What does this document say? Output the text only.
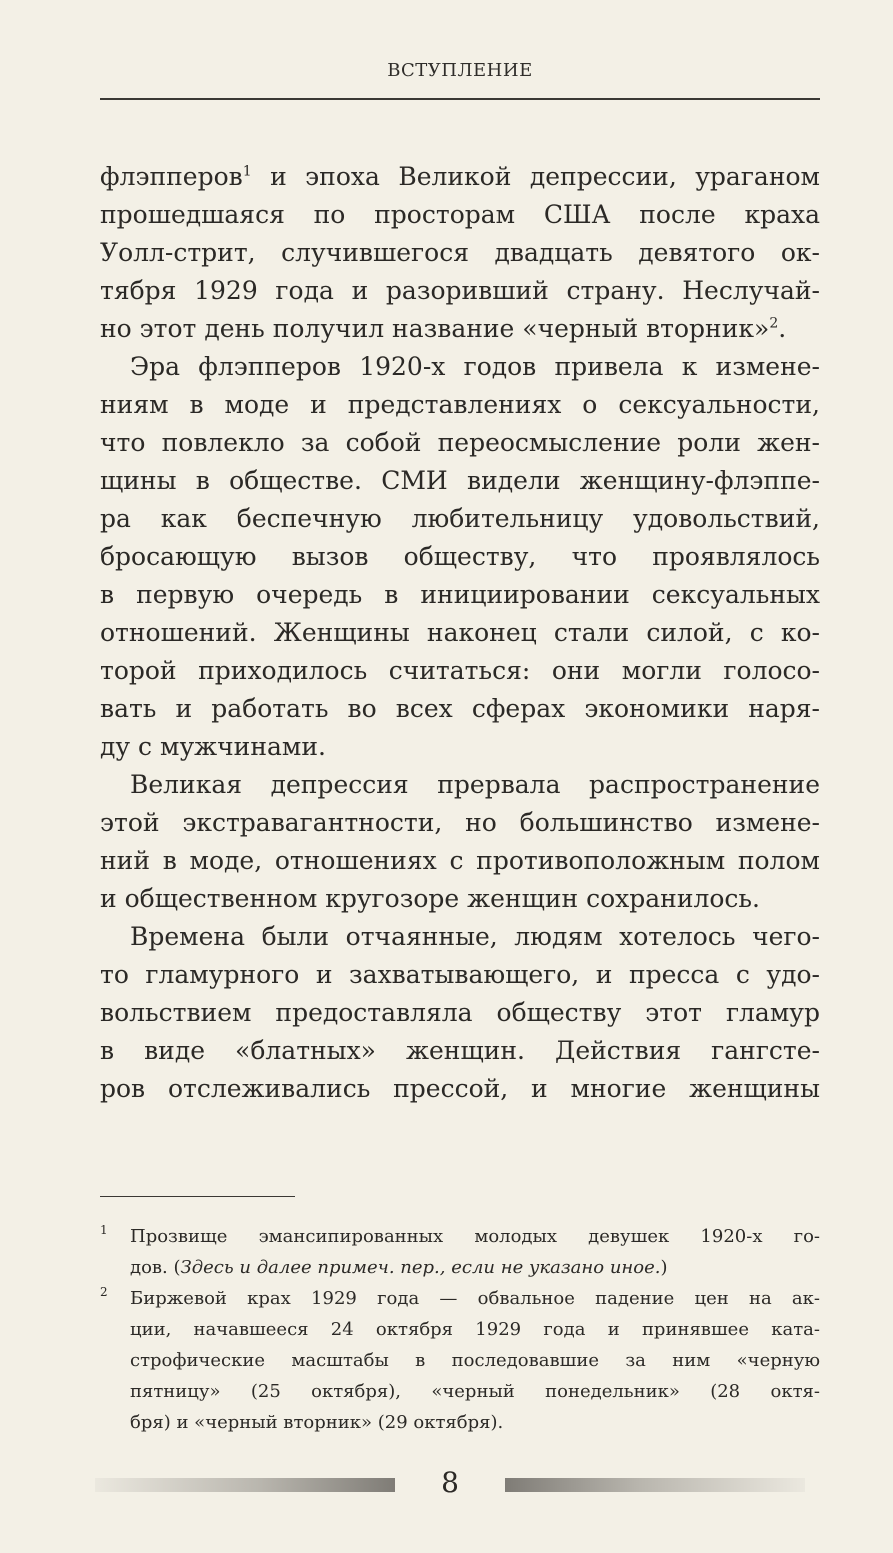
ВСТУПЛЕНИЕ
флэпперов$^1$ и эпоха Великой депрессии, ураганом
прошедшаяся по просторам США после краха
Уолл-стрит, случившегося двадцать девятого ок-
тября 1929 года и разоривший страну. Неслучай-
но этот день получил название «черный вторник»$^2$.
Эра флэпперов 1920-х годов привела к измене-
ниям в моде и представлениях о сексуальности,
что повлекло за собой переосмысление роли жен-
щины в обществе. СМИ видели женщину-флэппе-
ра как беспечную любительницу удовольствий,
бросающую вызов обществу, что проявлялось
в первую очередь в инициировании сексуальных
отношений. Женщины наконец стали силой, с ко-
торой приходилось считаться: они могли голосо-
вать и работать во всех сферах экономики наря-
ду с мужчинами.
Великая депрессия прервала распространение
этой экстравагантности, но большинство измене-
ний в моде, отношениях с противоположным полом
и общественном кругозоре женщин сохранилось.
Времена были отчаянные, людям хотелось чего-
то гламурного и захватывающего, и пресса с удо-
вольствием предоставляла обществу этот гламур
в виде «блатных» женщин. Действия гангсте-
ров отслеживались прессой, и многие женщины
1 Прозвище эмансипированных молодых девушек 1920-х го-
дов. (Здесь и далее примеч. пер., если не указано иное.)
2 Биржевой крах 1929 года — обвальное падение цен на ак-
ции, начавшееся 24 октября 1929 года и принявшее ката-
строфические масштабы в последовавшие за ним «черную
пятницу» (25 октября), «черный понедельник» (28 октя-
бря) и «черный вторник» (29 октября).
8
